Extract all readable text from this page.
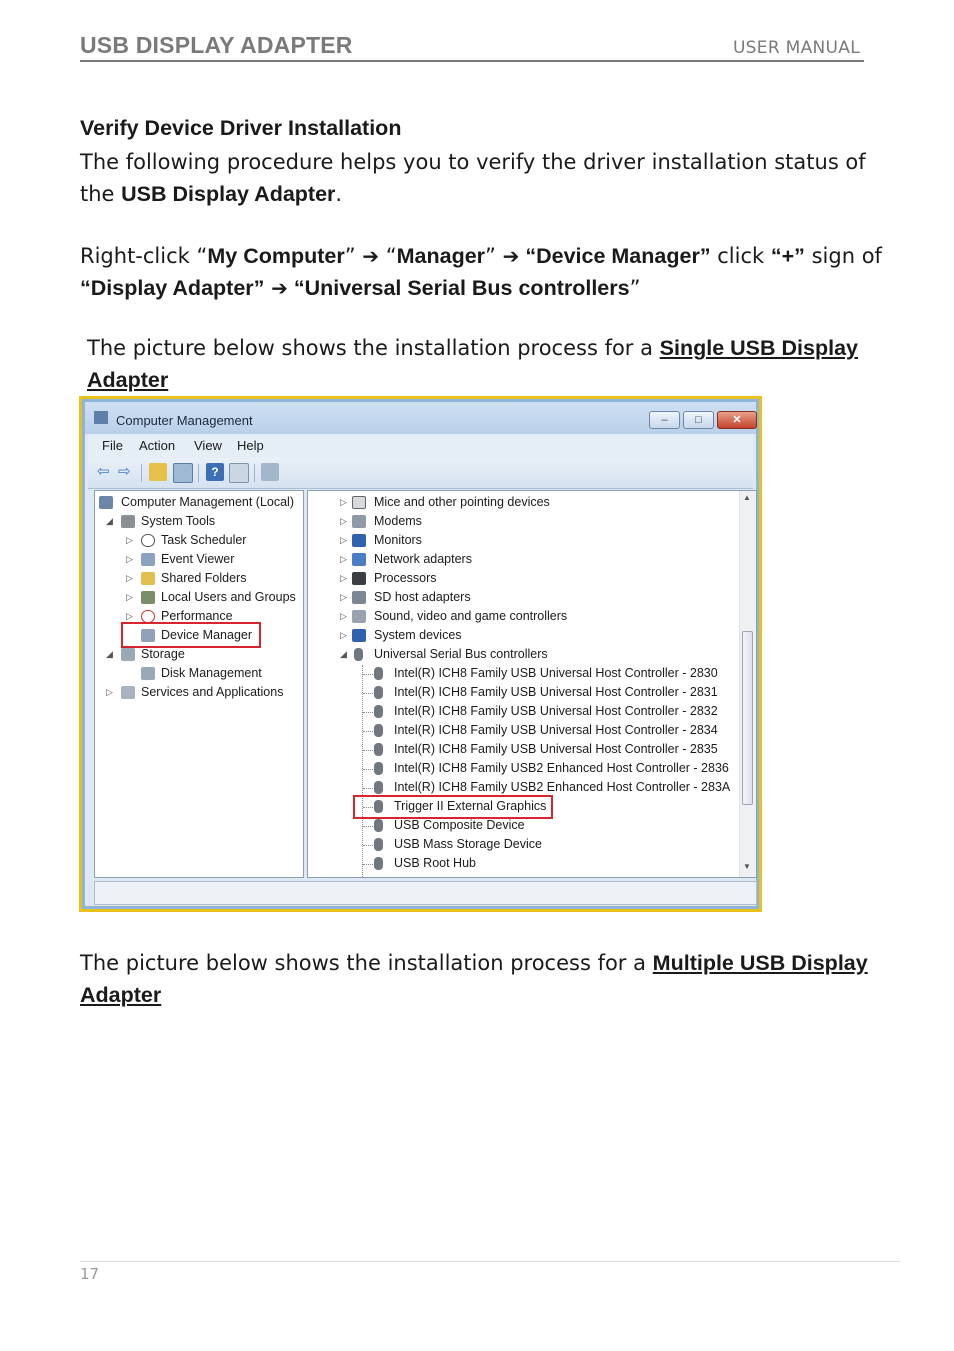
USB DISPLAY ADAPTER	USER MANUAL
Verify Device Driver Installation
The following procedure helps you to verify the driver installation status of the USB Display Adapter.
Right-click “My Computer” ➔ “Manager” ➔ “Device Manager” click “+” sign of “Display Adapter” ➔ “Universal Serial Bus controllers”
The picture below shows the installation process for a Single USB Display Adapter
Computer Management	–	□	✕
File Action View Help
⇦ ⇨	?
Computer Management (Local)
◢ System Tools
▷ Task Scheduler
▷ Event Viewer
▷ Shared Folders
▷ Local Users and Groups
▷ Performance
Device Manager
◢ Storage
Disk Management
▷ Services and Applications
▷ Mice and other pointing devices
▷ Modems
▷ Monitors
▷ Network adapters
▷ Processors
▷ SD host adapters
▷ Sound, video and game controllers
▷ System devices
◢ Universal Serial Bus controllers
Intel(R) ICH8 Family USB Universal Host Controller - 2830
Intel(R) ICH8 Family USB Universal Host Controller - 2831
Intel(R) ICH8 Family USB Universal Host Controller - 2832
Intel(R) ICH8 Family USB Universal Host Controller - 2834
Intel(R) ICH8 Family USB Universal Host Controller - 2835
Intel(R) ICH8 Family USB2 Enhanced Host Controller - 2836
Intel(R) ICH8 Family USB2 Enhanced Host Controller - 283A
Trigger II External Graphics
USB Composite Device
USB Mass Storage Device
USB Root Hub
▲
▼
The picture below shows the installation process for a Multiple USB Display Adapter
17
